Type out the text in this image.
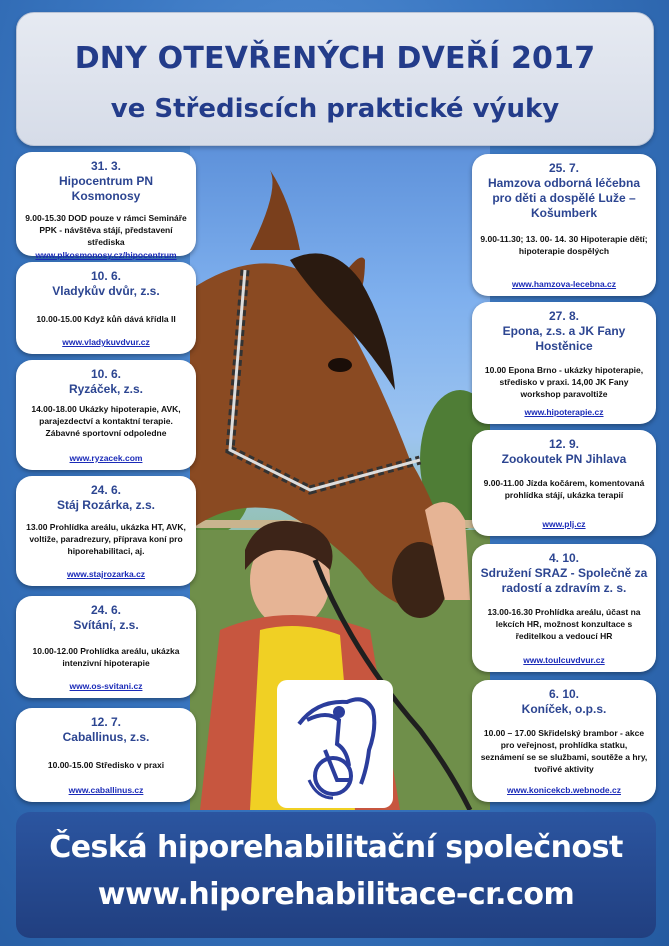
DNY OTEVŘENÝCH DVEŘÍ 2017
ve Střediscích praktické výuky
31. 3.
Hipocentrum PN Kosmonosy
9.00-15.30 DOD pouze v rámci Semináře PPK - návštěva stájí, představení střediska
www.plkosmonosy.cz/hipocentrum
10. 6.
Vladykův dvůr, z.s.
10.00-15.00 Když kůň dává křídla II
www.vladykuvdvur.cz
10. 6.
Ryzáček, z.s.
14.00-18.00 Ukázky hipoterapie, AVK, parajezdectví a kontaktní terapie. Zábavné sportovní odpoledne
www.ryzacek.com
24. 6.
Stáj Rozárka, z.s.
13.00 Prohlídka areálu, ukázka HT, AVK, voltiže, paradrezury, příprava koní pro hiporehabilitaci, aj.
www.stajrozarka.cz
24. 6.
Svítání, z.s.
10.00-12.00 Prohlídka areálu, ukázka intenzivní hipoterapie
www.os-svitani.cz
12. 7.
Caballinus, z.s.
10.00-15.00 Středisko v praxi
www.caballinus.cz
25. 7.
Hamzova odborná léčebna pro děti a dospělé Luže – Košumberk
9.00-11.30; 13. 00- 14. 30 Hipoterapie dětí; hipoterapie dospělých
www.hamzova-lecebna.cz
27. 8.
Epona, z.s. a JK Fany Hostěnice
10.00 Epona Brno - ukázky hipoterapie, středisko v praxi. 14,00 JK Fany workshop paravoltiže
www.hipoterapie.cz
12. 9.
Zookoutek PN Jihlava
9.00-11.00 Jízda kočárem, komentovaná prohlídka stájí, ukázka terapií
www.plj.cz
4. 10.
Sdružení SRAZ - Společně za radostí a zdravím z. s.
13.00-16.30 Prohlídka areálu, účast na lekcích HR, možnost konzultace s ředitelkou a vedoucí HR
www.toulcuvdvur.cz
6. 10.
Koníček, o.p.s.
10.00 – 17.00 Skřidelský brambor - akce pro veřejnost, prohlídka statku, seznámení se se službami, soutěže a hry, tvořivé aktivity
www.konicekcb.webnode.cz
Česká hiporehabilitační společnost
www.hiporehabilitace-cr.com
